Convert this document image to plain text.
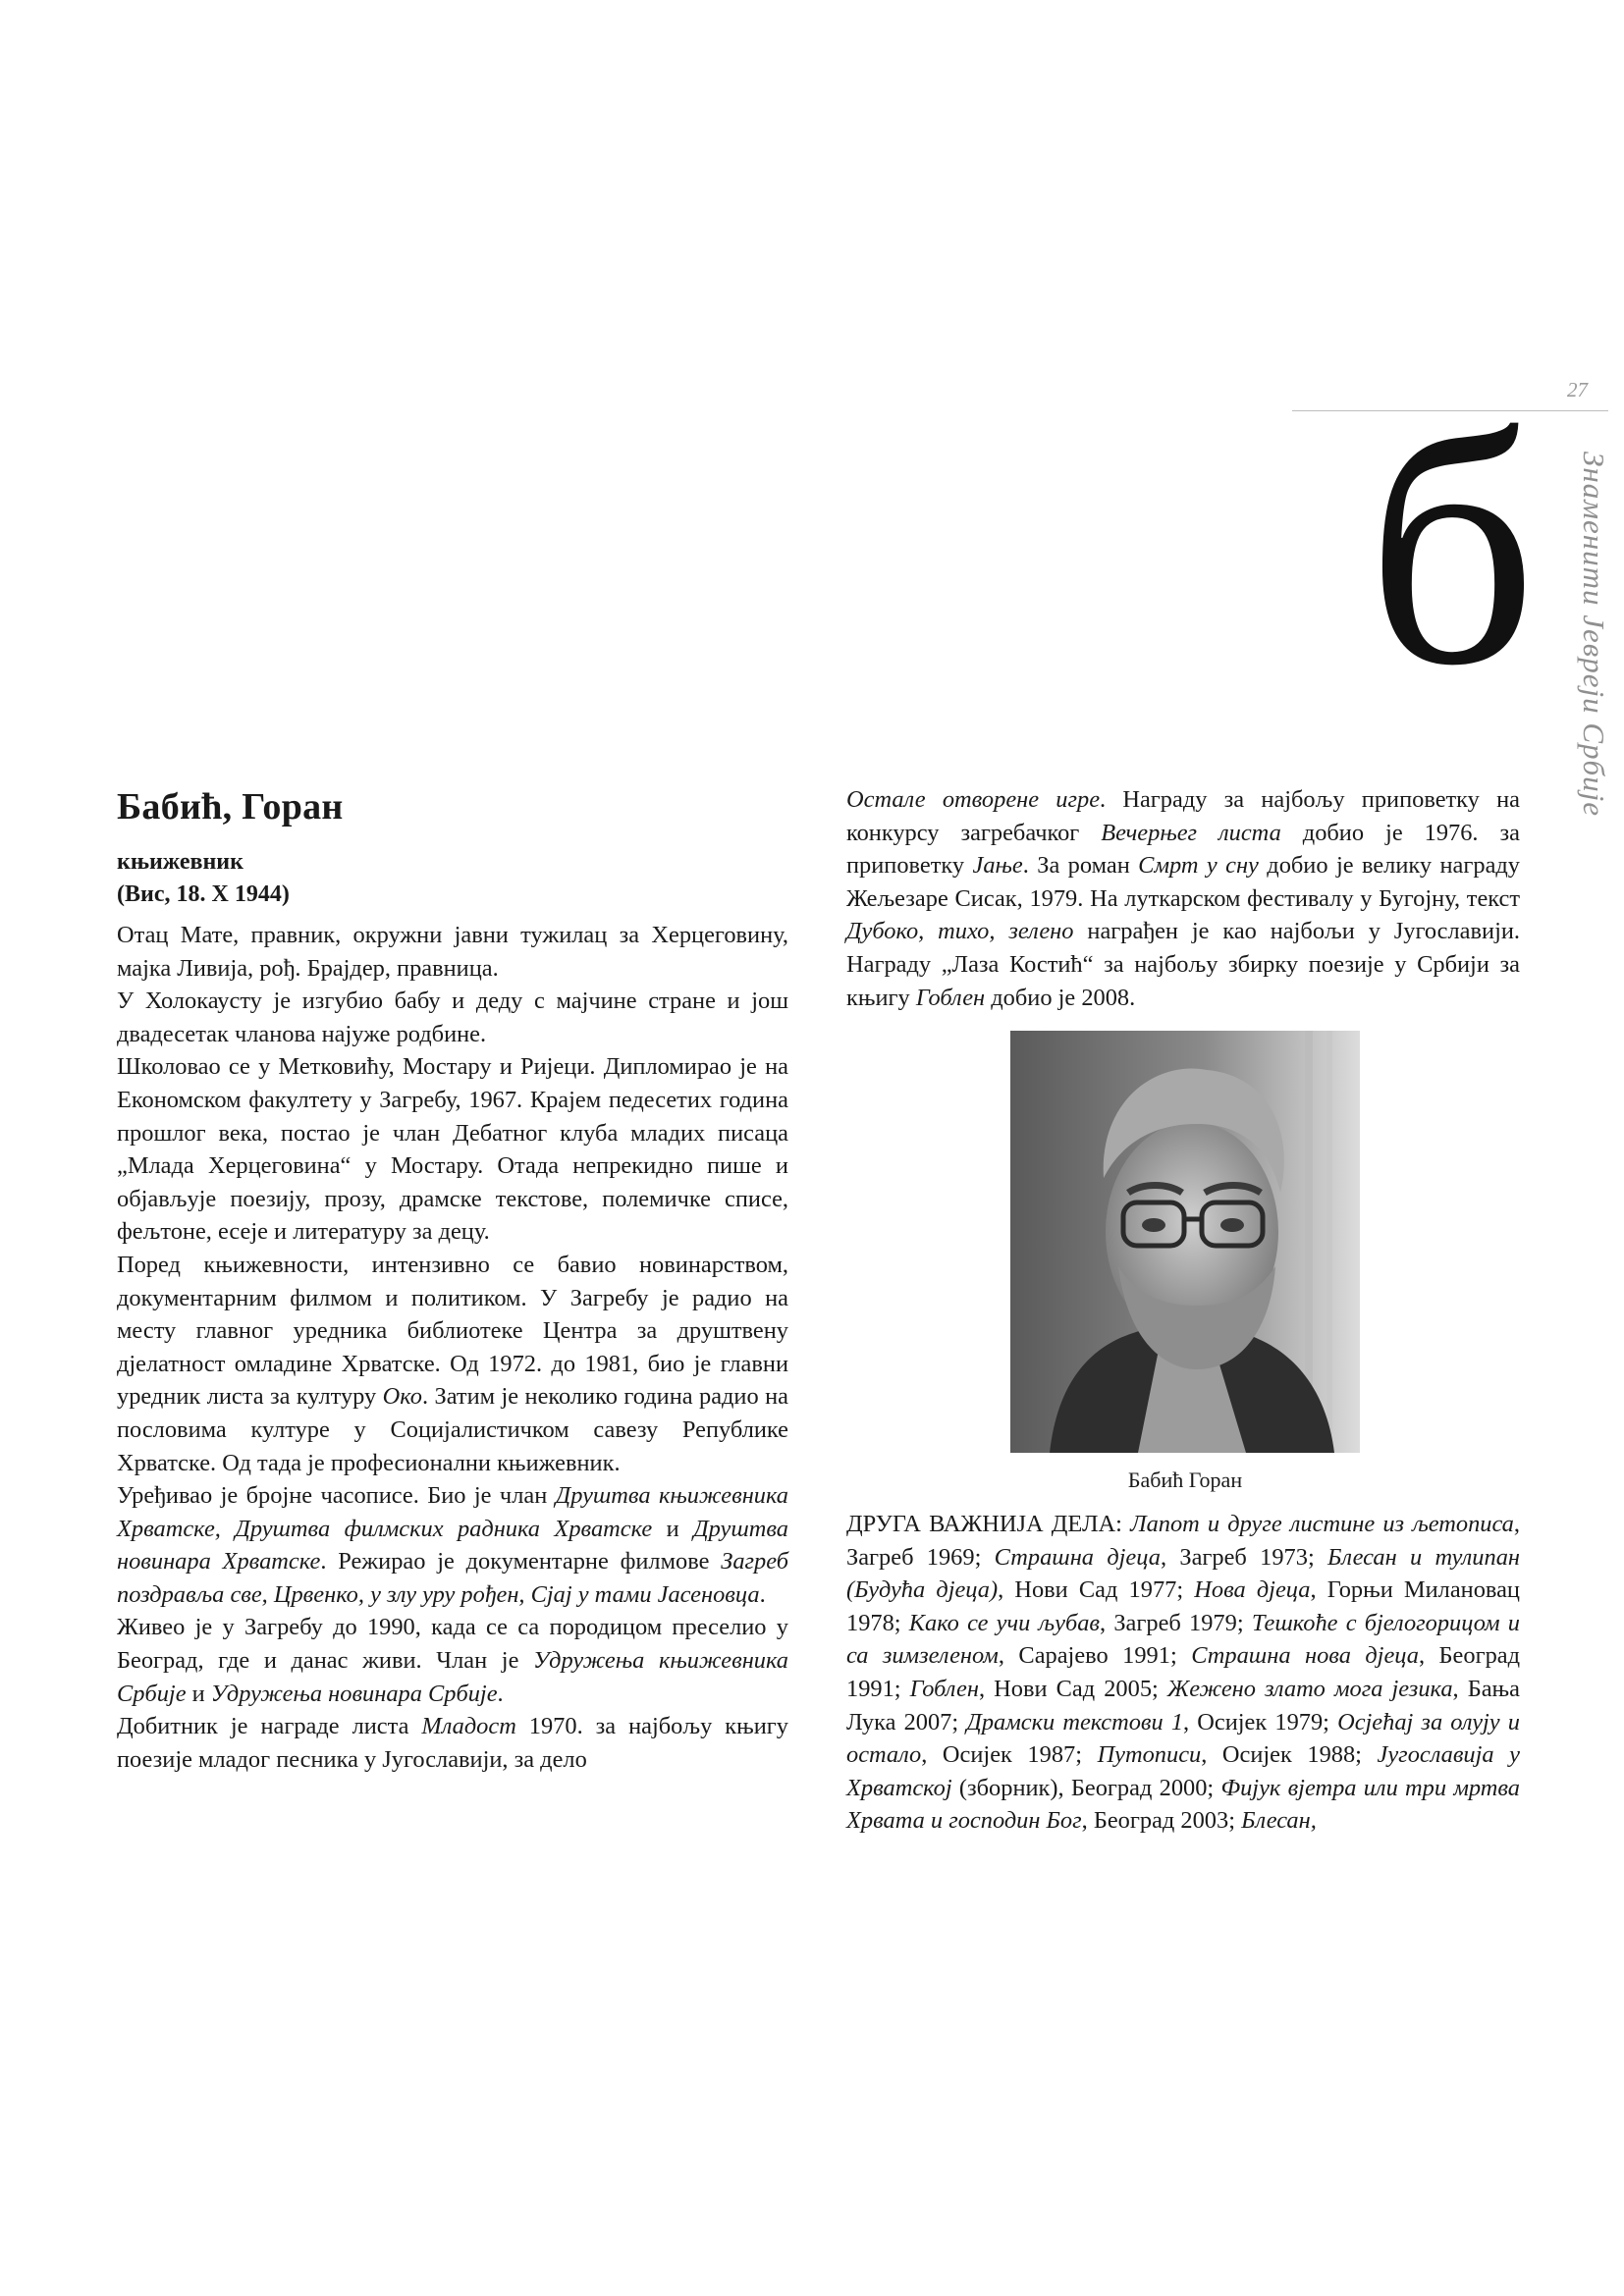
27
Знаменити Јевреји Србије
б
Бабић, Горан
књижевник
(Вис, 18. X 1944)

Отац Мате, правник, окружни јавни тужилац за Херцеговину, мајка Ливија, рођ. Брајдер, правница.

У Холокаусту је изгубио бабу и деду с мајчине стране и још двадесетак чланова најуже родбине.

Школовао се у Метковићу, Мостару и Ријеци. Дипломирао је на Економском факултету у Загребу, 1967. Крајем педесетих година прошлог века, постао је члан Дебатног клуба младих писаца „Млада Херцеговина“ у Мостару. Отада непрекидно пише и објављује поезију, прозу, драмске текстове, полемичке списе, фељтоне, есеје и литературу за децу.

Поред књижевности, интензивно се бавио новинарством, документарним филмом и политиком. У Загребу је радио на месту главног уредника библиотеке Центра за друштвену дјелатност омладине Хрватске. Од 1972. до 1981, био је главни уредник листа за културу Око. Затим је неколико година радио на пословима културе у Социјалистичком савезу Републике Хрватске. Од тада је професионални књижевник.

Уређивао је бројне часописе. Био је члан Друштва књижевника Хрватске, Друштва филмских радника Хрватске и Друштва новинара Хрватске. Режирао је документарне филмове Загреб поздравља све, Црвенко, у злу уру рођен, Сјај у тами Јасеновца.

Живео је у Загребу до 1990, када се са породицом преселио у Београд, где и данас живи. Члан је Удружења књижевника Србије и Удружења новинара Србије.

Добитник је награде листа Младост 1970. за најбољу књигу поезије младог песника у Југославији, за дело

Остале отворене игре. Награду за најбољу приповетку на конкурсу загребачког Вечерњег листа добио је 1976. за приповетку Јање. За роман Смрт у сну добио је велику награду Жељезаре Сисак, 1979. На луткарском фестивалу у Бугојну, текст Дубоко, тихо, зелено награђен је као најбољи у Југославији. Награду „Лаза Костић“ за најбољу збирку поезије у Србији за књигу Гоблен добио је 2008.

ДРУГА ВАЖНИЈА ДЕЛА: Лапот и друге листине из љетописа, Загреб 1969; Страшна дјеца, Загреб 1973; Блесан и тулипан (Будућа дјеца), Нови Сад 1977; Нова дјеца, Горњи Милановац 1978; Како се учи љубав, Загреб 1979; Тешкоће с бјелогорицом и са зимзеленом, Сарајево 1991; Страшна нова дјеца, Београд 1991; Гоблен, Нови Сад 2005; Жежено злато мога језика, Бања Лука 2007; Драмски текстови 1, Осијек 1979; Осјећај за олују и остало, Осијек 1987; Путописи, Осијек 1988; Југославија у Хрватској (зборник), Београд 2000; Фијук вјетра или три мртва Хрвата и господин Бог, Београд 2003; Блесан,

Бабић Горан
